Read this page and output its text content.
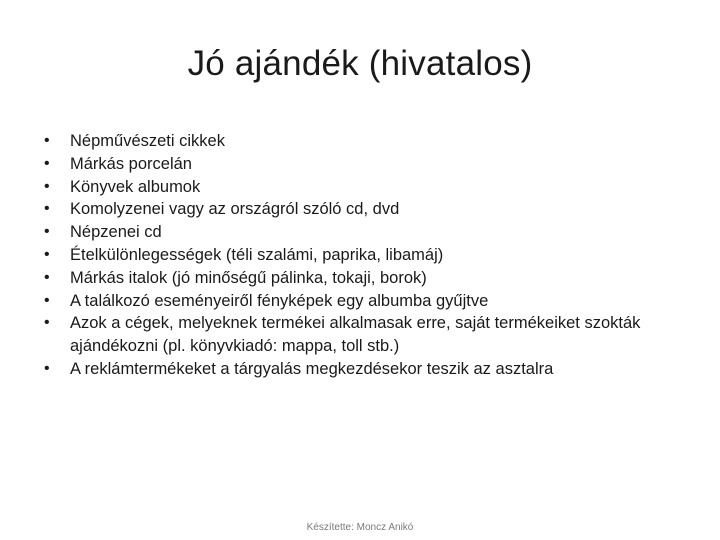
Jó ajándék (hivatalos)
•	Népművészeti cikkek
•	Márkás porcelán
•	Könyvek albumok
•	Komolyzenei vagy az országról szóló cd, dvd
•	Népzenei cd
•	Ételkülönlegességek (téli szalámi, paprika, libamáj)
•	Márkás italok (jó minőségű pálinka, tokaji, borok)
•	A találkozó eseményeiről fényképek egy albumba gyűjtve
•	Azok a cégek, melyeknek termékei alkalmasak erre, saját termékeiket szokták ajándékozni (pl. könyvkiadó: mappa, toll stb.)
•	A reklámtermékeket a tárgyalás megkezdésekor teszik az asztalra
Készítette: Moncz Anikó
